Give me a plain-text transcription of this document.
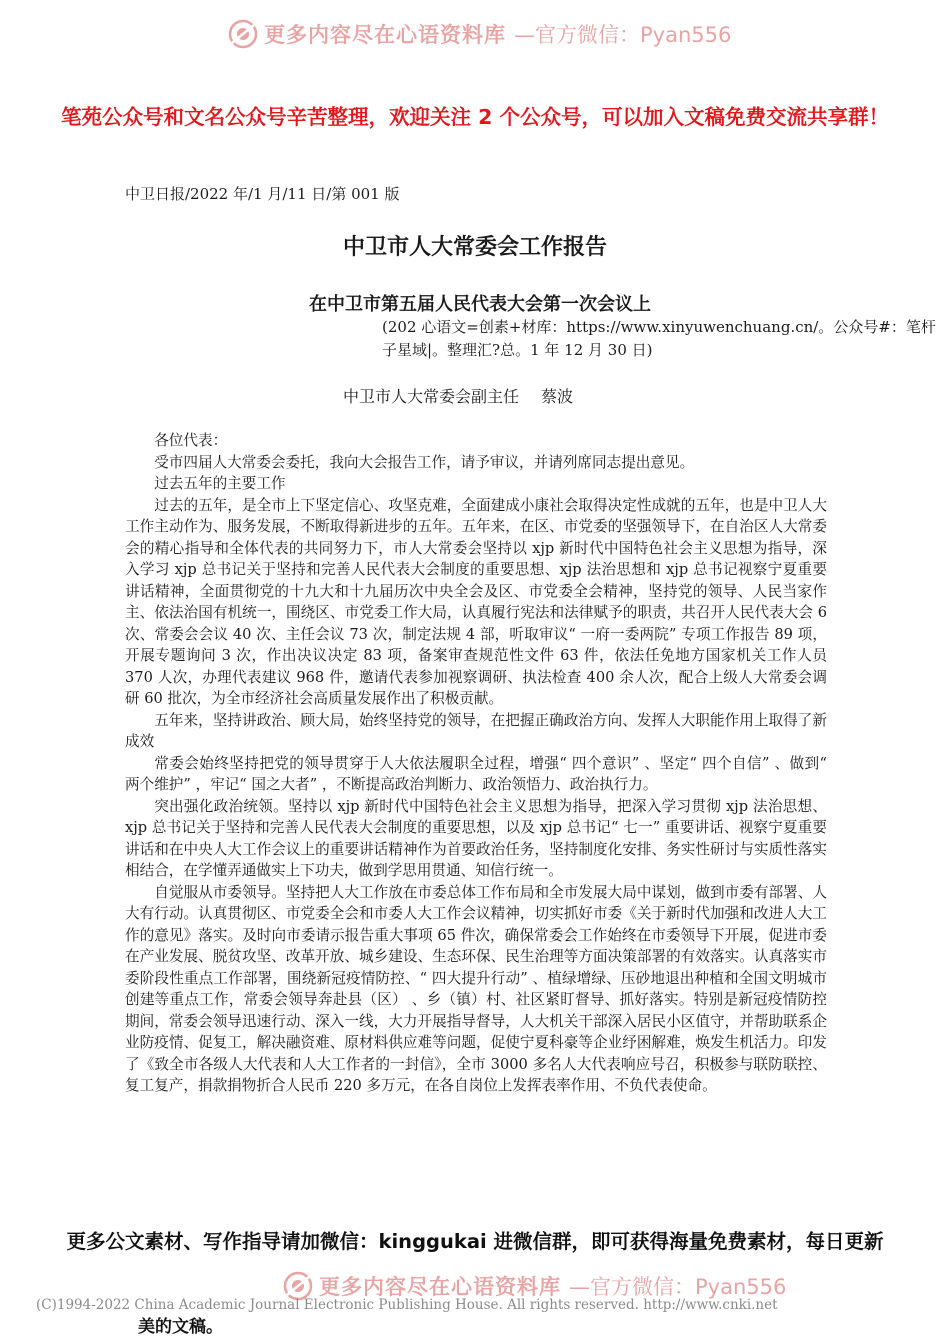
更多内容尽在心语资料库 —官方微信：Pyan556
笔苑公众号和文名公众号辛苦整理，欢迎关注 2 个公众号，可以加入文稿免费交流共享群！
中卫日报/2022 年/1 月/11 日/第 001 版
中卫市人大常委会工作报告
在中卫市第五届人民代表大会第一次会议上
(202 心语文=创素+材库：https://www.xinyuwenchuang.cn/。公众号#：笔杆子星域|。整理汇?总。1 年 12 月 30 日)
中卫市人大常委会副主任 蔡波

各位代表：

受市四届人大常委会委托，我向大会报告工作，请予审议，并请列席同志提出意见。

过去五年的主要工作

过去的五年，是全市上下坚定信心、攻坚克难，全面建成小康社会取得决定性成就的五年，也是中卫人大工作主动作为、服务发展，不断取得新进步的五年。五年来，在区、市党委的坚强领导下，在自治区人大常委会的精心指导和全体代表的共同努力下，市人大常委会坚持以 xjp 新时代中国特色社会主义思想为指导，深入学习 xjp 总书记关于坚持和完善人民代表大会制度的重要思想、xjp 法治思想和 xjp 总书记视察宁夏重要讲话精神，全面贯彻党的十九大和十九届历次中央全会及区、市党委全会精神，坚持党的领导、人民当家作主、依法治国有机统一，围绕区、市党委工作大局，认真履行宪法和法律赋予的职责，共召开人民代表大会 6 次、常委会会议 40 次、主任会议 73 次，制定法规 4 部，听取审议“ 一府一委两院” 专项工作报告 89 项，开展专题询问 3 次，作出决议决定 83 项，备案审查规范性文件 63 件，依法任免地方国家机关工作人员 370 人次，办理代表建议 968 件，邀请代表参加视察调研、执法检查 400 余人次，配合上级人大常委会调研 60 批次，为全市经济社会高质量发展作出了积极贡献。

五年来，坚持讲政治、顾大局，始终坚持党的领导，在把握正确政治方向、发挥人大职能作用上取得了新成效

常委会始终坚持把党的领导贯穿于人大依法履职全过程，增强“ 四个意识” 、坚定“ 四个自信” 、做到“ 两个维护” ，牢记“ 国之大者” ，不断提高政治判断力、政治领悟力、政治执行力。

突出强化政治统领。坚持以 xjp 新时代中国特色社会主义思想为指导，把深入学习贯彻 xjp 法治思想、xjp 总书记关于坚持和完善人民代表大会制度的重要思想，以及 xjp 总书记“ 七一” 重要讲话、视察宁夏重要讲话和在中央人大工作会议上的重要讲话精神作为首要政治任务，坚持制度化安排、务实性研讨与实质性落实相结合，在学懂弄通做实上下功夫，做到学思用贯通、知信行统一。

自觉服从市委领导。坚持把人大工作放在市委总体工作布局和全市发展大局中谋划，做到市委有部署、人大有行动。认真贯彻区、市党委全会和市委人大工作会议精神，切实抓好市委《关于新时代加强和改进人大工作的意见》落实。及时向市委请示报告重大事项 65 件次，确保常委会工作始终在市委领导下开展，促进市委在产业发展、脱贫攻坚、改革开放、城乡建设、生态环保、民生治理等方面决策部署的有效落实。认真落实市委阶段性重点工作部署，围绕新冠疫情防控、“ 四大提升行动” 、植绿增绿、压砂地退出种植和全国文明城市创建等重点工作，常委会领导奔赴县（区） 、乡（镇）村、社区紧盯督导、抓好落实。特别是新冠疫情防控期间，常委会领导迅速行动、深入一线，大力开展指导督导，人大机关干部深入居民小区值守，并帮助联系企业防疫情、促复工，解决融资难、原材料供应难等问题，促使宁夏科豪等企业纾困解难，焕发生机活力。印发了《致全市各级人大代表和人大工作者的一封信》，全市 3000 多名人大代表响应号召，积极参与联防联控、复工复产，捐款捐物折合人民币 220 多万元，在各自岗位上发挥表率作用、不负代表使命。

更多公文素材、写作指导请加微信：kinggukai 进微信群，即可获得海量免费素材，每日更新
更多内容尽在心语资料库 —官方微信：Pyan556
美的文稿。
(C)1994-2022 China Academic Journal Electronic Publishing House. All rights reserved. http://www.cnki.net
